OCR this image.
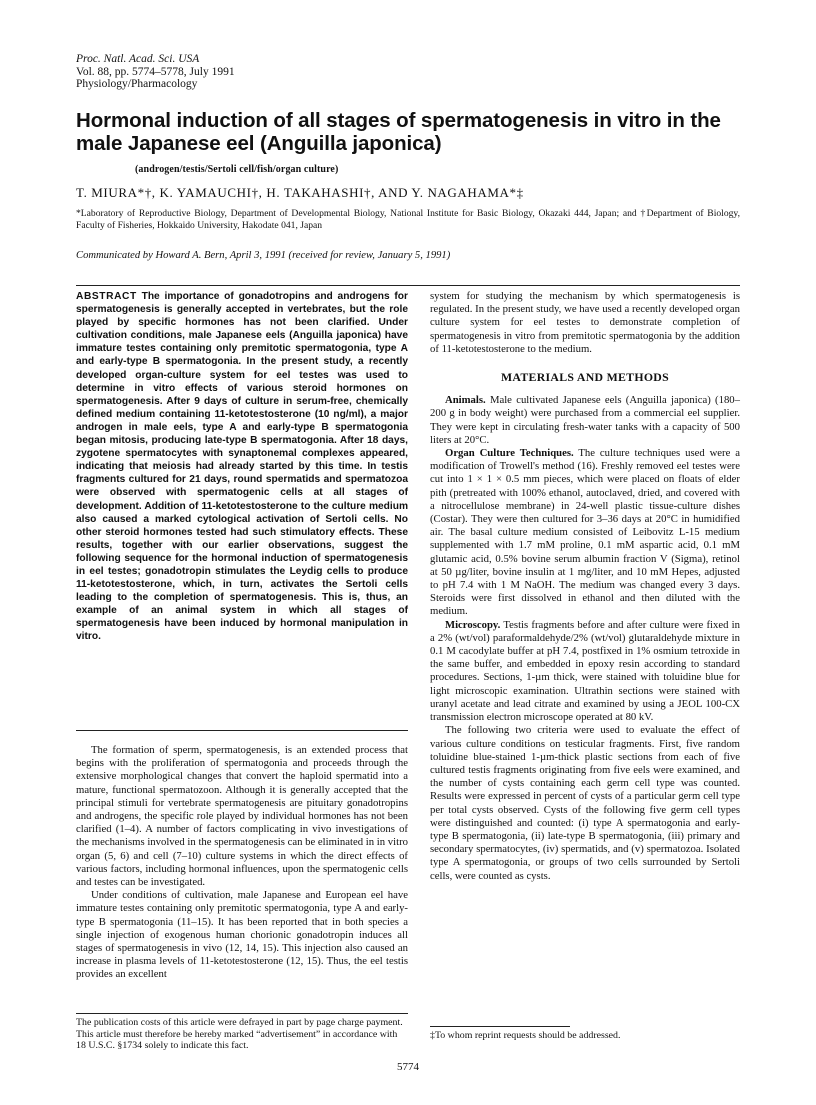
Proc. Natl. Acad. Sci. USA
Vol. 88, pp. 5774–5778, July 1991
Physiology/Pharmacology
Hormonal induction of all stages of spermatogenesis in vitro in the male Japanese eel (Anguilla japonica)
(androgen/testis/Sertoli cell/fish/organ culture)
T. MIURA*†, K. YAMAUCHI†, H. TAKAHASHI†, AND Y. NAGAHAMA*‡
*Laboratory of Reproductive Biology, Department of Developmental Biology, National Institute for Basic Biology, Okazaki 444, Japan; and †Department of Biology, Faculty of Fisheries, Hokkaido University, Hakodate 041, Japan
Communicated by Howard A. Bern, April 3, 1991 (received for review, January 5, 1991)
ABSTRACT The importance of gonadotropins and androgens for spermatogenesis is generally accepted in vertebrates, but the role played by specific hormones has not been clarified. Under cultivation conditions, male Japanese eels (Anguilla japonica) have immature testes containing only premitotic spermatogonia, type A and early-type B spermatogonia. In the present study, a recently developed organ-culture system for eel testes was used to determine in vitro effects of various steroid hormones on spermatogenesis. After 9 days of culture in serum-free, chemically defined medium containing 11-ketotestosterone (10 ng/ml), a major androgen in male eels, type A and early-type B spermatogonia began mitosis, producing late-type B spermatogonia. After 18 days, zygotene spermatocytes with synaptonemal complexes appeared, indicating that meiosis had already started by this time. In testis fragments cultured for 21 days, round spermatids and spermatozoa were observed with spermatogenic cells at all stages of development. Addition of 11-ketotestosterone to the culture medium also caused a marked cytological activation of Sertoli cells. No other steroid hormones tested had such stimulatory effects. These results, together with our earlier observations, suggest the following sequence for the hormonal induction of spermatogenesis in eel testes; gonadotropin stimulates the Leydig cells to produce 11-ketotestosterone, which, in turn, activates the Sertoli cells leading to the completion of spermatogenesis. This is, thus, an example of an animal system in which all stages of spermatogenesis have been induced by hormonal manipulation in vitro.

The formation of sperm, spermatogenesis, is an extended process that begins with the proliferation of spermatogonia and proceeds through the extensive morphological changes that convert the haploid spermatid into a mature, functional spermatozoon. Although it is generally accepted that the principal stimuli for vertebrate spermatogenesis are pituitary gonadotropins and androgens, the specific role played by individual hormones has not been clarified (1–4). A number of factors complicating in vivo investigations of the mechanisms involved in the spermatogenesis can be eliminated in in vitro organ (5, 6) and cell (7–10) culture systems in which the direct effects of various factors, including hormonal influences, upon the spermatogenic cells and testes can be investigated.

Under conditions of cultivation, male Japanese and European eel have immature testes containing only premitotic spermatogonia, type A and early-type B spermatogonia (11–15). It has been reported that in both species a single injection of exogenous human chorionic gonadotropin induces all stages of spermatogenesis in vivo (12, 14, 15). This injection also caused an increase in plasma levels of 11-ketotestosterone (12, 15). Thus, the eel testis provides an excellent

system for studying the mechanism by which spermatogenesis is regulated. In the present study, we have used a recently developed organ culture system for eel testes to demonstrate completion of spermatogenesis in vitro from premitotic spermatogonia by the addition of 11-ketotestosterone to the medium.

MATERIALS AND METHODS

Animals. Male cultivated Japanese eels (Anguilla japonica) (180–200 g in body weight) were purchased from a commercial eel supplier. They were kept in circulating fresh-water tanks with a capacity of 500 liters at 20°C.

Organ Culture Techniques. The culture techniques used were a modification of Trowell's method (16). Freshly removed eel testes were cut into 1 × 1 × 0.5 mm pieces, which were placed on floats of elder pith (pretreated with 100% ethanol, autoclaved, dried, and covered with a nitrocellulose membrane) in 24-well plastic tissue-culture dishes (Costar). They were then cultured for 3–36 days at 20°C in humidified air. The basal culture medium consisted of Leibovitz L-15 medium supplemented with 1.7 mM proline, 0.1 mM aspartic acid, 0.1 mM glutamic acid, 0.5% bovine serum albumin fraction V (Sigma), retinol at 50 µg/liter, bovine insulin at 1 mg/liter, and 10 mM Hepes, adjusted to pH 7.4 with 1 M NaOH. The medium was changed every 3 days. Steroids were first dissolved in ethanol and then diluted with the medium.

Microscopy. Testis fragments before and after culture were fixed in a 2% (wt/vol) paraformaldehyde/2% (wt/vol) glutaraldehyde mixture in 0.1 M cacodylate buffer at pH 7.4, postfixed in 1% osmium tetroxide in the same buffer, and embedded in epoxy resin according to standard procedures. Sections, 1-µm thick, were stained with toluidine blue for light microscopic examination. Ultrathin sections were stained with uranyl acetate and lead citrate and examined by using a JEOL 100-CX transmission electron microscope operated at 80 kV.

The following two criteria were used to evaluate the effect of various culture conditions on testicular fragments. First, five random toluidine blue-stained 1-µm-thick plastic sections from each of five cultured testis fragments originating from five eels were examined, and the number of cysts containing each germ cell type was counted. Results were expressed in percent of cysts of a particular germ cell type per total cysts observed. Cysts of the following five germ cell types were distinguished and counted: (i) type A spermatogonia and early-type B spermatogonia, (ii) late-type B spermatogonia, (iii) primary and secondary spermatocytes, (iv) spermatids, and (v) spermatozoa. Isolated type A spermatogonia, or groups of two cells surrounded by Sertoli cells, were counted as cysts.

The publication costs of this article were defrayed in part by page charge payment. This article must therefore be hereby marked “advertisement” in accordance with 18 U.S.C. §1734 solely to indicate this fact.
‡To whom reprint requests should be addressed.
5774
